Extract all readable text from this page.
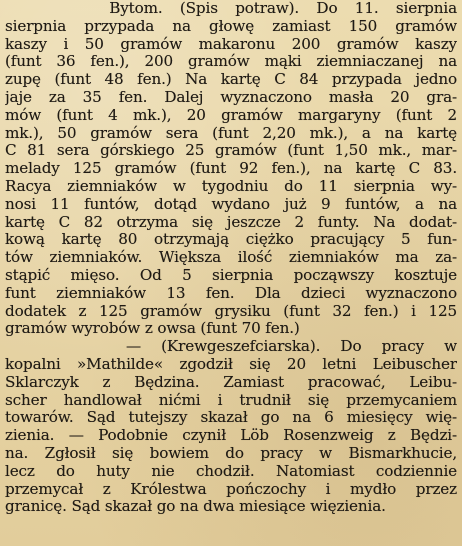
Bytom. (Spis potraw). Do 11. sierpnia
sierpnia przypada na głowę zamiast 150 gramów
kaszy i 50 gramów makaronu 200 gramów kaszy
(funt 36 fen.), 200 gramów mąki ziemniaczanej na
zupę (funt 48 fen.) Na kartę C 84 przypada jedno
jaje za 35 fen. Dalej wyznaczono masła 20 gra-
mów (funt 4 mk.), 20 gramów margaryny (funt 2
mk.), 50 gramów sera (funt 2,20 mk.), a na kartę
C 81 sera górskiego 25 gramów (funt 1,50 mk., mar-
melady 125 gramów (funt 92 fen.), na kartę C 83.
Racya ziemniaków w tygodniu do 11 sierpnia wy-
nosi 11 funtów, dotąd wydano już 9 funtów, a na
kartę C 82 otrzyma się jeszcze 2 funty. Na dodat-
kową kartę 80 otrzymają ciężko pracujący 5 fun-
tów ziemniaków. Większa ilość ziemniaków ma za-
stąpić mięso. Od 5 sierpnia począwszy kosztuje
funt ziemniaków 13 fen. Dla dzieci wyznaczono
dodatek z 125 gramów grysiku (funt 32 fen.) i 125
gramów wyrobów z owsa (funt 70 fen.)
— (Krewgeszefciarska). Do pracy w
kopalni »Mathilde« zgodził się 20 letni Leibuscher
Sklarczyk z Będzina. Zamiast pracować, Leibu-
scher handlował nićmi i trudnił się przemycaniem
towarów. Sąd tutejszy skazał go na 6 miesięcy wię-
zienia. — Podobnie czynił Löb Rosenzweig z Będzi-
na. Zgłosił się bowiem do pracy w Bismarkhucie,
lecz do huty nie chodził. Natomiast codziennie
przemycał z Królestwa pończochy i mydło przez
granicę. Sąd skazał go na dwa miesiące więzienia.
